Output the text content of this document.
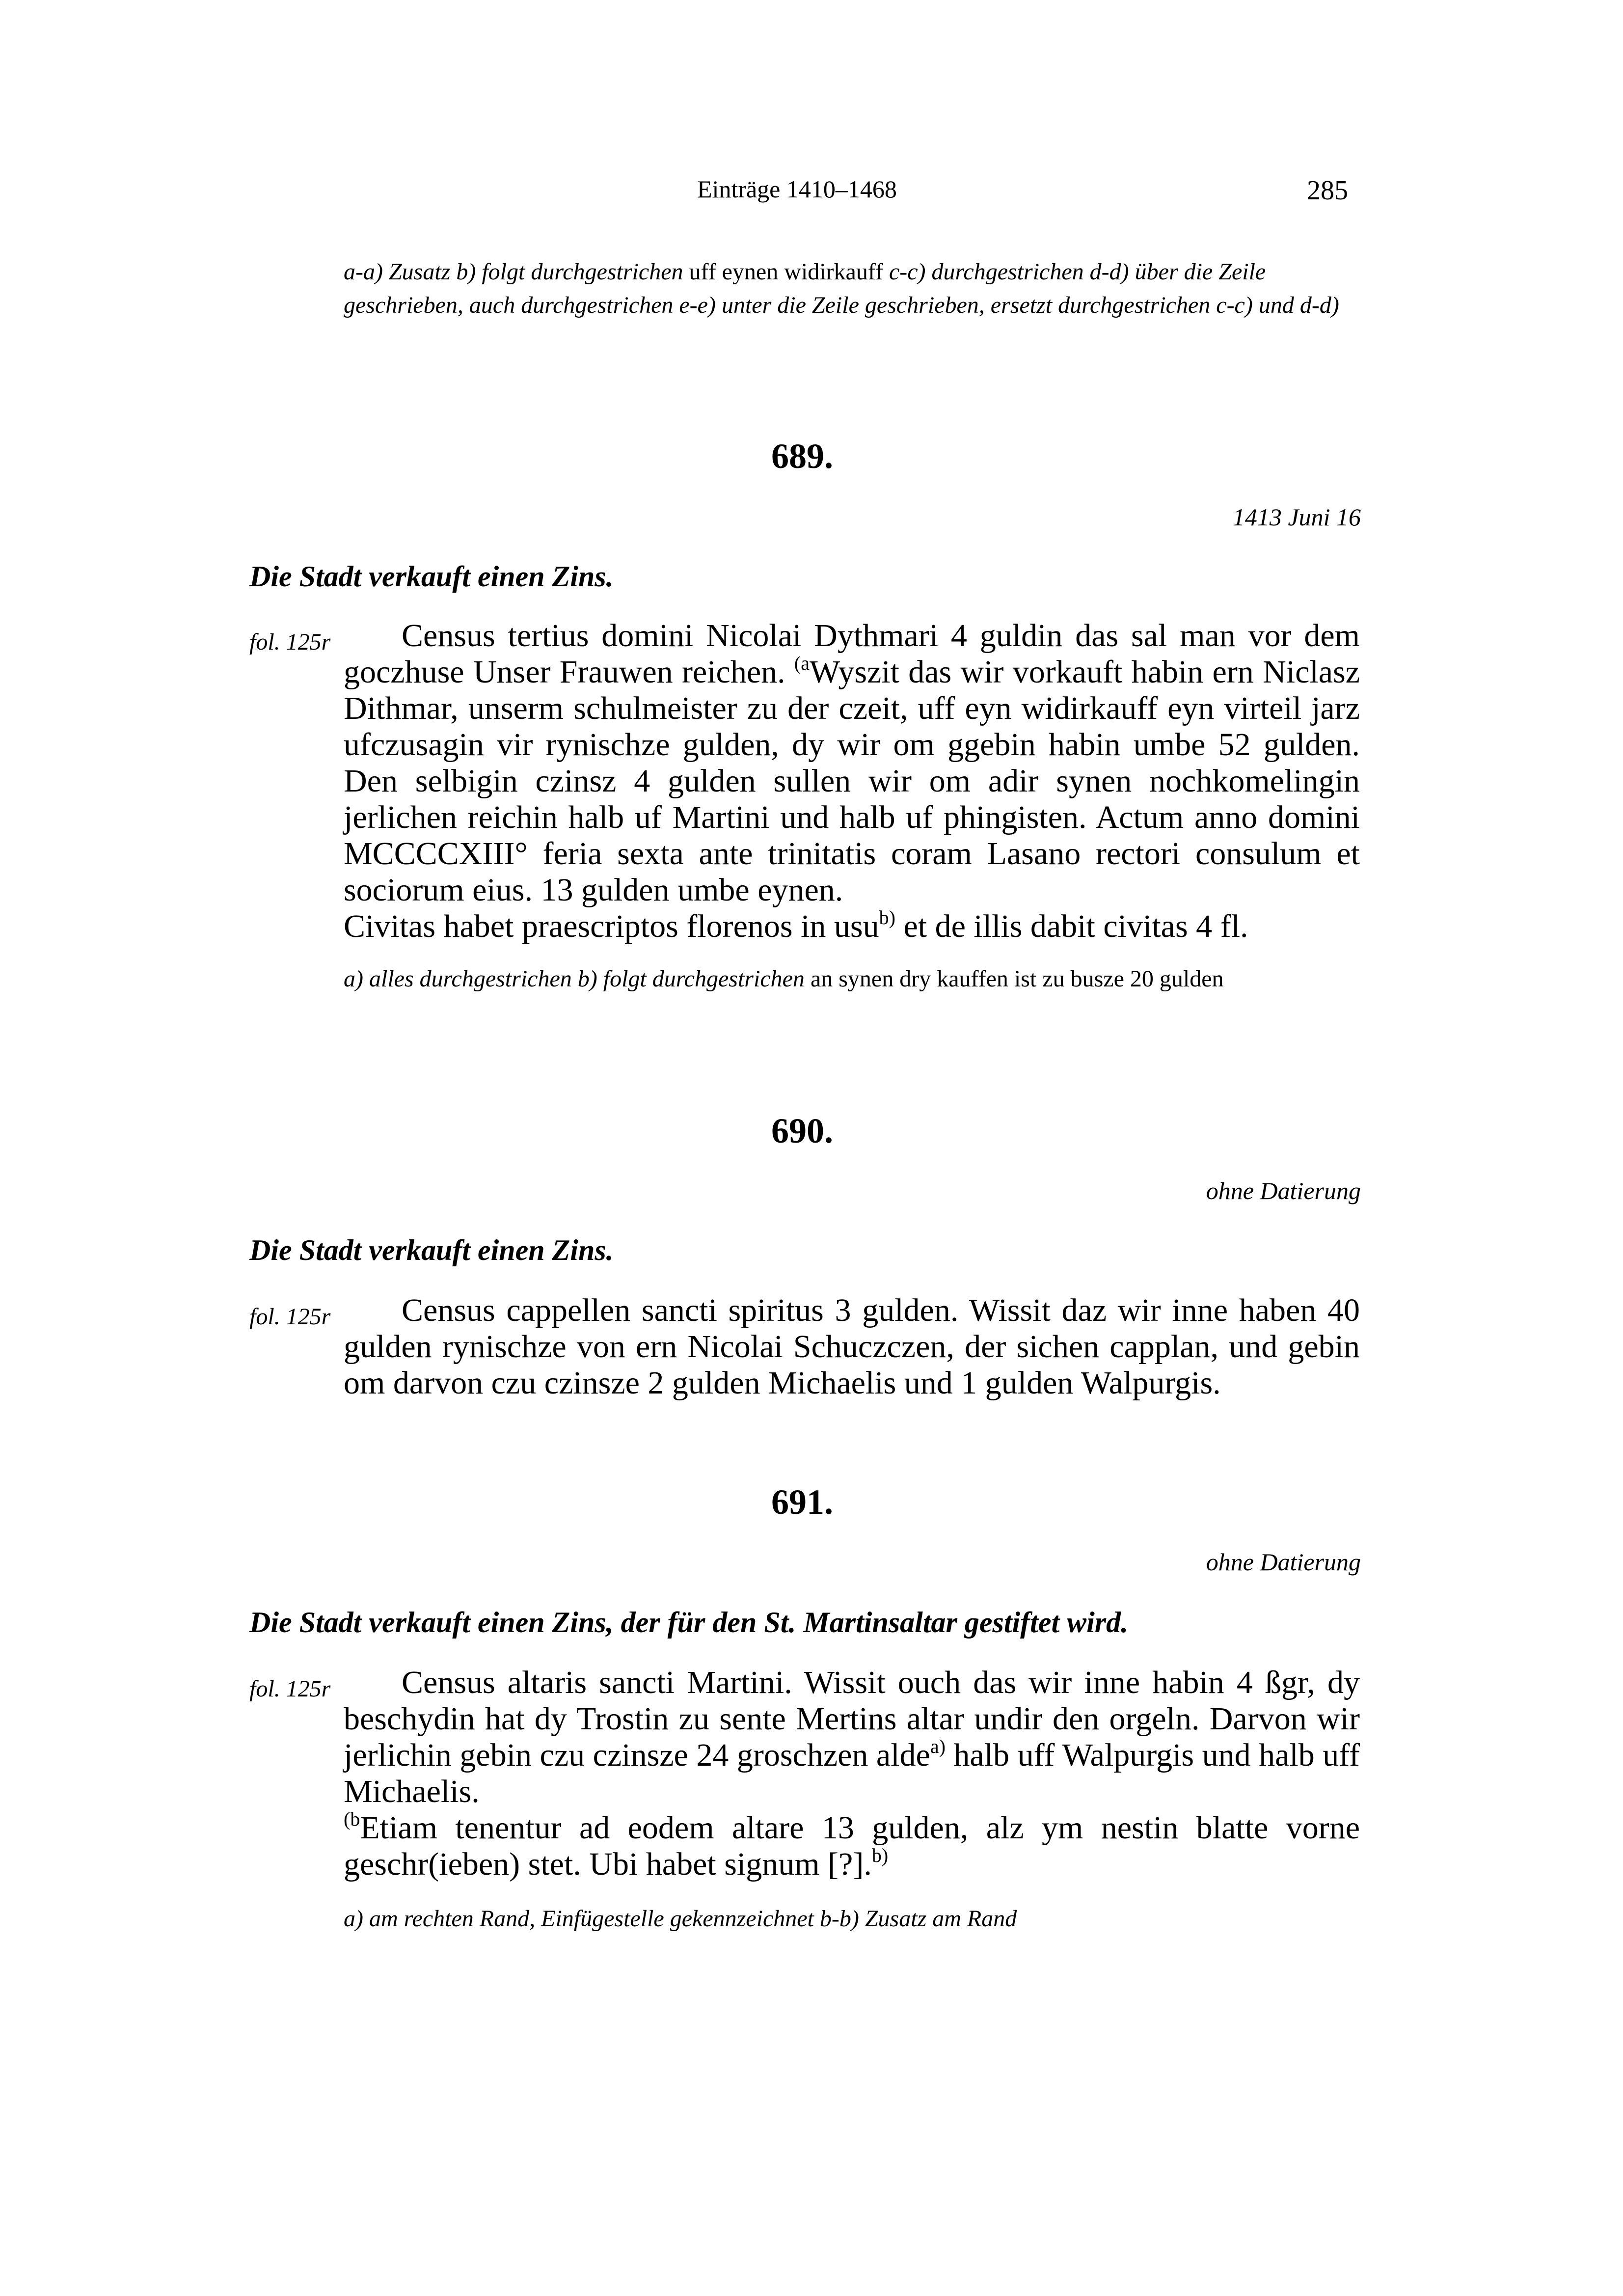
Einträge 1410–1468	285
a-a) Zusatz b) folgt durchgestrichen uff eynen widirkauff c-c) durchgestrichen d-d) über die Zeile geschrieben, auch durchgestrichen e-e) unter die Zeile geschrieben, ersetzt durchgestrichen c-c) und d-d)
689.
1413 Juni 16
Die Stadt verkauft einen Zins.
fol. 125r	Census tertius domini Nicolai Dythmari 4 guldin das sal man vor dem goczhuse Unser Frauwen reichen. $^{(a}$Wyszit das wir vorkauft habin ern Niclasz Dithmar, unserm schulmeister zu der czeit, uff eyn widirkauff eyn virteil jarz ufczusagin vir rynischze gulden, dy wir om ggebin habin umbe 52 gulden. Den selbigin czinsz 4 gulden sullen wir om adir synen nochkomelingin jerlichen reichin halb uf Martini und halb uf phingisten. Actum anno domini MCCCCXIII° feria sexta ante trinitatis coram Lasano rectori consulum et sociorum eius. 13 gulden umbe eynen.

Civitas habet praescriptos florenos in usu$^{b)}$ et de illis dabit civitas 4 fl.

a) alles durchgestrichen b) folgt durchgestrichen an synen dry kauffen ist zu busze 20 gulden
690.
ohne Datierung
Die Stadt verkauft einen Zins.
fol. 125r	Census cappellen sancti spiritus 3 gulden. Wissit daz wir inne haben 40 gulden rynischze von ern Nicolai Schuczczen, der sichen capplan, und gebin om darvon czu czinsze 2 gulden Michaelis und 1 gulden Walpurgis.

691.
ohne Datierung
Die Stadt verkauft einen Zins, der für den St. Martinsaltar gestiftet wird.
fol. 125r	Census altaris sancti Martini. Wissit ouch das wir inne habin 4 ßgr, dy beschydin hat dy Trostin zu sente Mertins altar undir den orgeln. Darvon wir jerlichin gebin czu czinsze 24 groschzen alde$^{a)}$ halb uff Walpurgis und halb uff Michaelis.

$^{(b}$Etiam tenentur ad eodem altare 13 gulden, alz ym nestin blatte vorne geschr(ieben) stet. Ubi habet signum [?].$^{b)}$

a) am rechten Rand, Einfügestelle gekennzeichnet b-b) Zusatz am Rand
